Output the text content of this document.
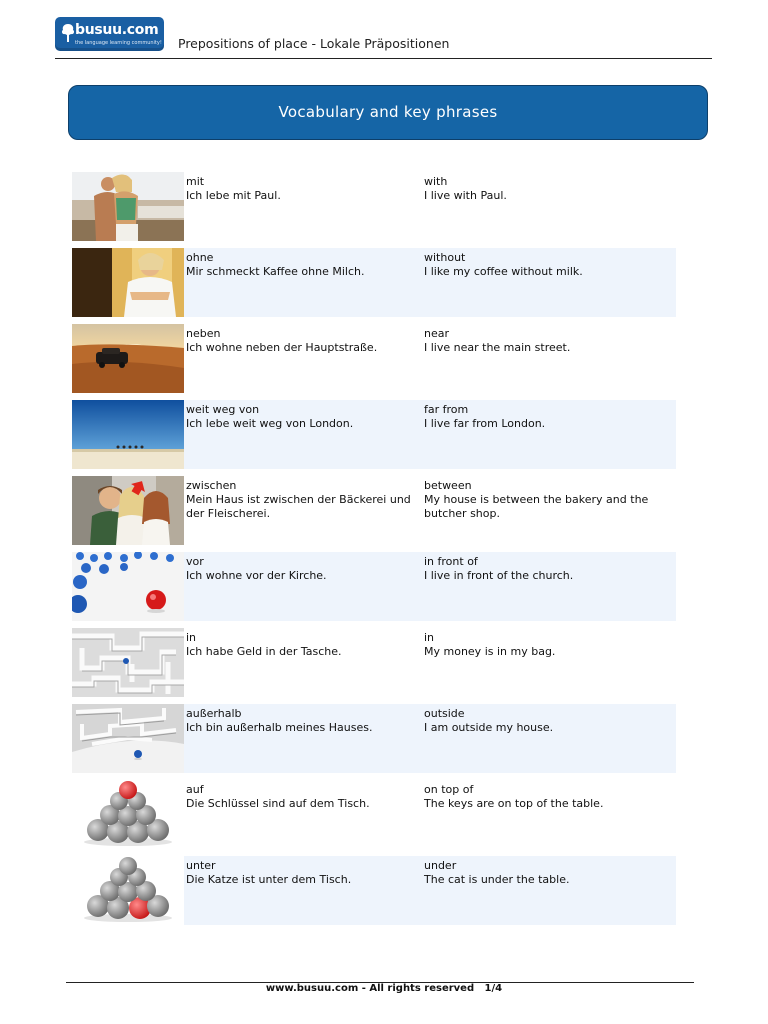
busuu.com
the language learning community! Prepositions of place - Lokale Präpositionen
Vocabulary and key phrases
mit
Ich lebe mit Paul.
with
I live with Paul.
ohne
Mir schmeckt Kaffee ohne Milch.
without
I like my coffee without milk.
neben
Ich wohne neben der Hauptstraße.
near
I live near the main street.
weit weg von
Ich lebe weit weg von London.
far from
I live far from London.
zwischen
Mein Haus ist zwischen der Bäckerei und der Fleischerei.
between
My house is between the bakery and the butcher shop.
vor
Ich wohne vor der Kirche.
in front of
I live in front of the church.
in
Ich habe Geld in der Tasche.
in
My money is in my bag.
außerhalb
Ich bin außerhalb meines Hauses.
outside
I am outside my house.
auf
Die Schlüssel sind auf dem Tisch.
on top of
The keys are on top of the table.
unter
Die Katze ist unter dem Tisch.
under
The cat is under the table.
www.busuu.com - All rights reserved   1/4
